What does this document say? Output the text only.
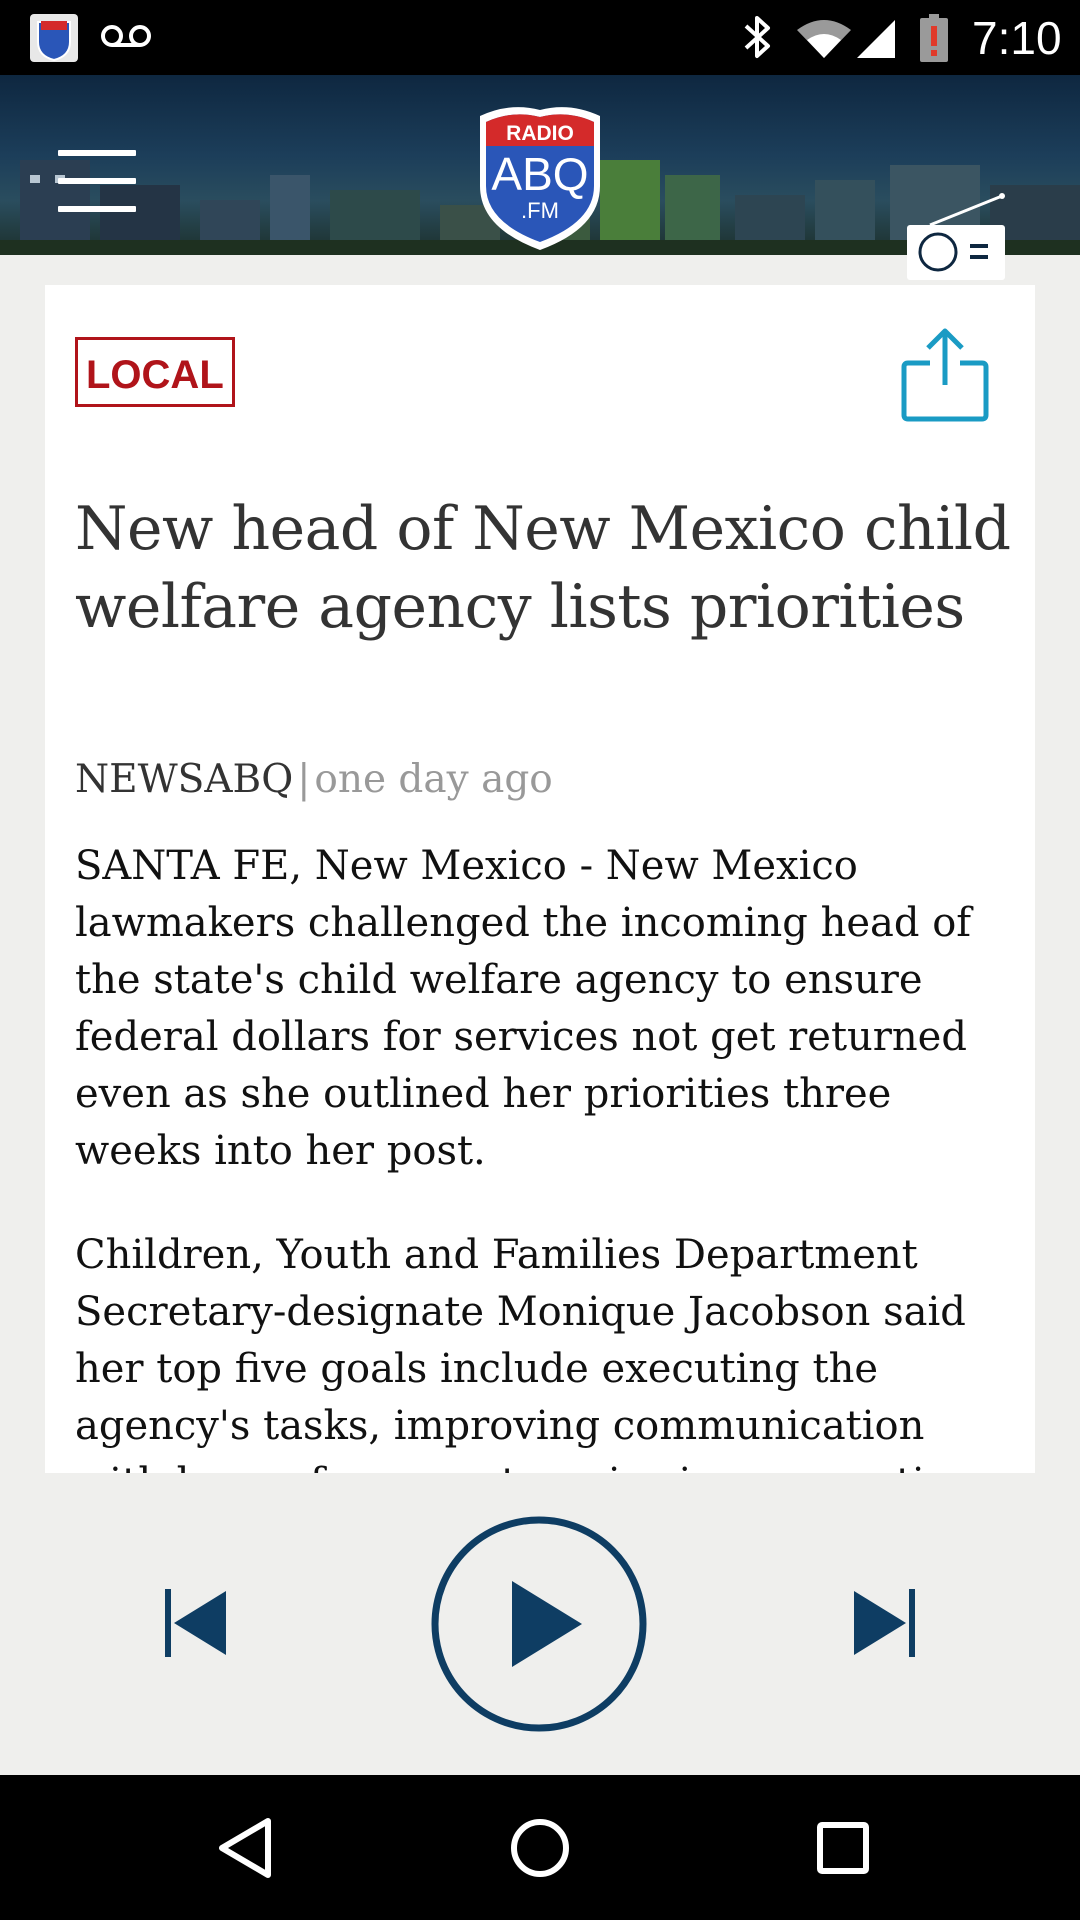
7:10
RADIO
ABQ
.FM
LOCAL
New head of New Mexico child welfare agency lists priorities
NEWSABQ | one day ago

SANTA FE, New Mexico - New Mexico lawmakers challenged the incoming head of the state's child welfare agency to ensure federal dollars for services not get returned even as she outlined her priorities three weeks into her post.

Children, Youth and Families Department Secretary-designate Monique Jacobson said her top five goals include executing the agency's tasks, improving communication
